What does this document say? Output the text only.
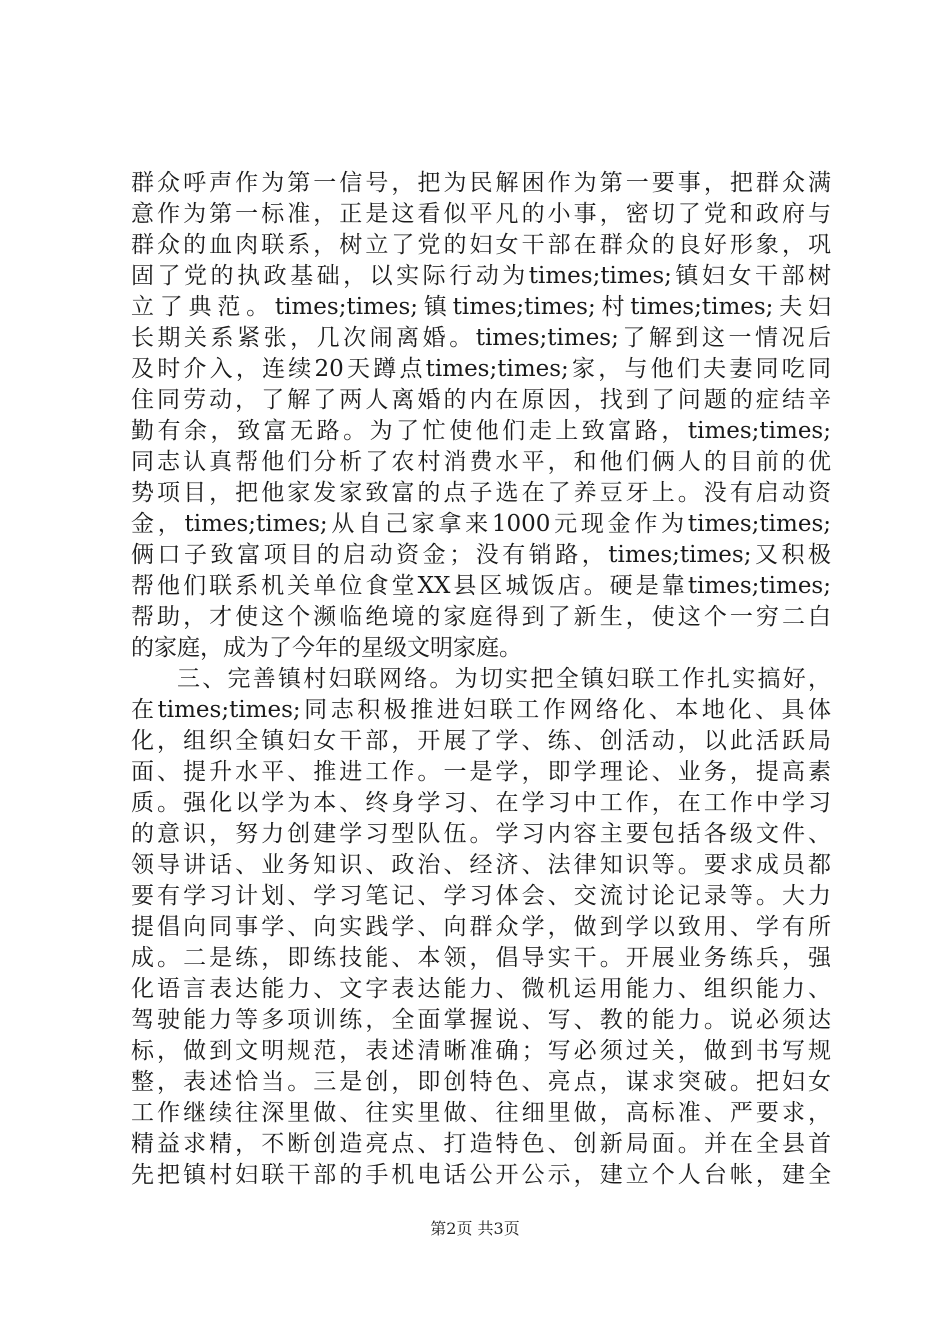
群众呼声作为第一信号，把为民解困作为第一要事，把群众满
意作为第一标准，正是这看似平凡的小事，密切了党和政府与
群众的血肉联系，树立了党的妇女干部在群众的良好形象，巩
固了党的执政基础，以实际行动为times;times;镇妇女干部树
立了典范。times;times;镇times;times;村times;times;夫妇
长期关系紧张，几次闹离婚。times;times;了解到这一情况后
及时介入，连续20天蹲点times;times;家，与他们夫妻同吃同
住同劳动，了解了两人离婚的内在原因，找到了问题的症结辛
勤有余，致富无路。为了忙使他们走上致富路，times;times;
同志认真帮他们分析了农村消费水平，和他们俩人的目前的优
势项目，把他家发家致富的点子选在了养豆牙上。没有启动资
金，times;times;从自己家拿来1000元现金作为times;times;
俩口子致富项目的启动资金；没有销路，times;times;又积极
帮他们联系机关单位食堂XX县区城饭店。硬是靠times;times;
帮助，才使这个濒临绝境的家庭得到了新生，使这个一穷二白
的家庭，成为了今年的星级文明家庭。
三、完善镇村妇联网络。为切实把全镇妇联工作扎实搞好，
在times;times;同志积极推进妇联工作网络化、本地化、具体
化，组织全镇妇女干部，开展了学、练、创活动，以此活跃局
面、提升水平、推进工作。一是学，即学理论、业务，提高素
质。强化以学为本、终身学习、在学习中工作，在工作中学习
的意识，努力创建学习型队伍。学习内容主要包括各级文件、
领导讲话、业务知识、政治、经济、法律知识等。要求成员都
要有学习计划、学习笔记、学习体会、交流讨论记录等。大力
提倡向同事学、向实践学、向群众学，做到学以致用、学有所
成。二是练，即练技能、本领，倡导实干。开展业务练兵，强
化语言表达能力、文字表达能力、微机运用能力、组织能力、
驾驶能力等多项训练，全面掌握说、写、教的能力。说必须达
标，做到文明规范，表述清晰准确；写必须过关，做到书写规
整，表述恰当。三是创，即创特色、亮点，谋求突破。把妇女
工作继续往深里做、往实里做、往细里做，高标准、严要求，
精益求精，不断创造亮点、打造特色、创新局面。并在全县首
先把镇村妇联干部的手机电话公开公示，建立个人台帐，建全
第2页 共3页
